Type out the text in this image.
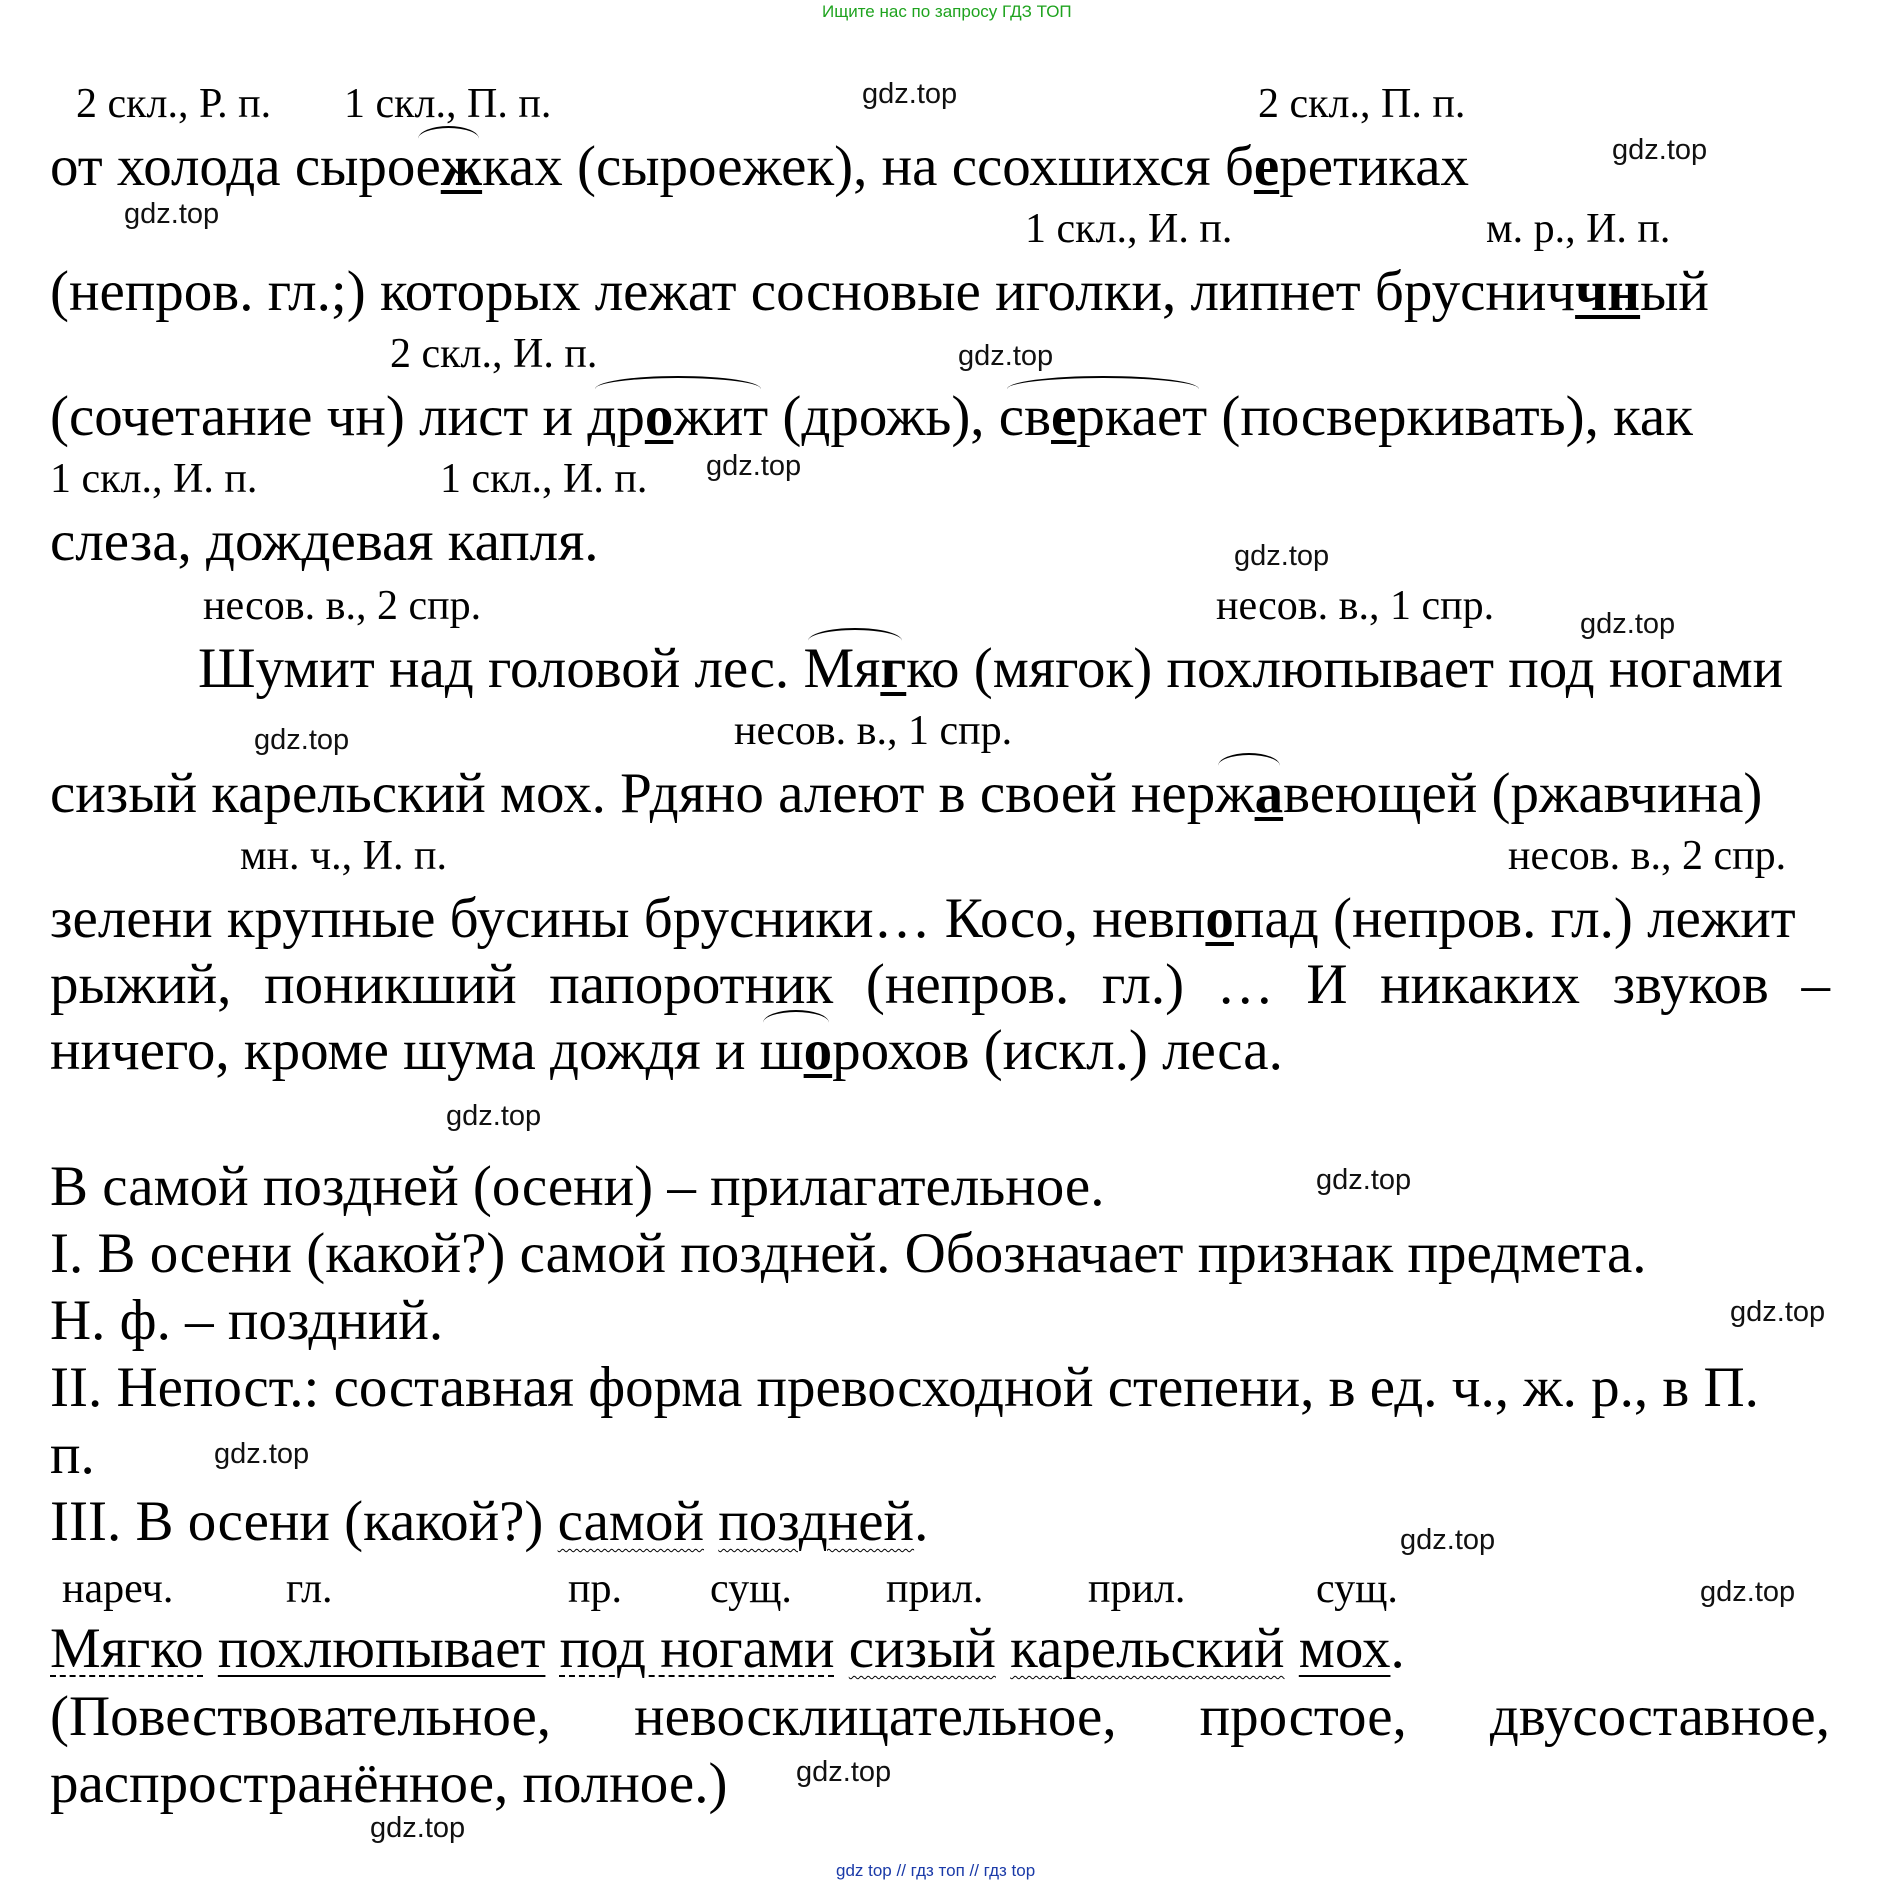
Ищите нас по запросу ГДЗ ТОП
gdz top // гдз топ // гдз top
2 скл., Р. п. 1 скл., П. п.	2 скл., П. п.
1 скл., И. п.	м. р., И. п.
2 скл., И. п.
1 скл., И. п.	1 скл., И. п.
несов. в., 2 спр.	несов. в., 1 спр.
несов. в., 1 спр.
мн. ч., И. п.	несов. в., 2 спр.
от холода сыроежках (сыроежек), на ссохшихся беретиках
(непров. гл.;) которых лежат сосновые иголки, липнет брусниччный
(сочетание чн) лист и дрожит (дрожь), сверкает (посверкивать), как
слеза, дождевая капля.
Шумит над головой лес. Мягко (мягок) похлюпывает под ногами
сизый карельский мох. Рдяно алеют в своей нержавеющей (ржавчина)
зелени крупные бусины брусники… Косо, невпопад (непров. гл.) лежит
рыжий, поникший папоротник (непров. гл.) … И никаких звуков –
ничего, кроме шума дождя и шорохов (искл.) леса.
В самой поздней (осени) – прилагательное.
I. В осени (какой?) самой поздней. Обозначает признак предмета.
Н. ф. – поздний.
II. Непост.: составная форма превосходной степени, в ед. ч., ж. р., в П.
п.
III. В осени (какой?) самой поздней.
нареч.	гл.	пр. сущ. прил. прил.	сущ.
Мягко похлюпывает под ногами сизый карельский мох.
(Повествовательное, невосклицательное, простое, двусоставное,
распространённое, полное.)
gdz.top
gdz.top
gdz.top
gdz.top
gdz.top
gdz.top
gdz.top
gdz.top
gdz.top
gdz.top
gdz.top
gdz.top
gdz.top
gdz.top
gdz.top
gdz.top
